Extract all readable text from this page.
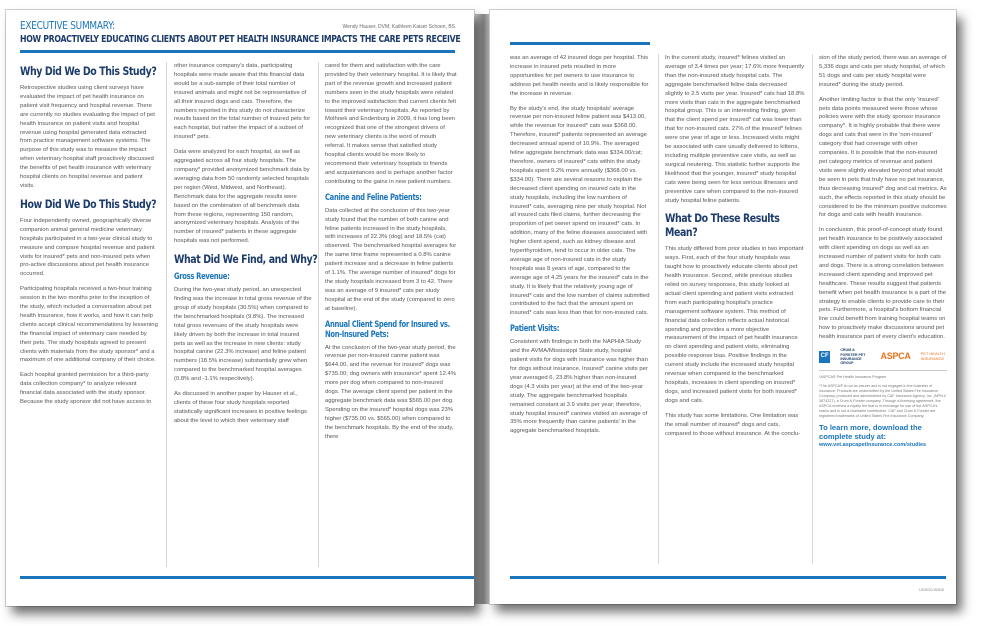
EXECUTIVE SUMMARY:	Wendy Hauser, DVM; Kathleen Kaiser Schoen, BS
HOW PROACTIVELY EDUCATING CLIENTS ABOUT PET HEALTH INSURANCE IMPACTS THE CARE PETS RECEIVE
Why Did We Do This Study?

Retrospective studies using client surveys have evaluated the impact of pet health insurance on patient visit frequency and hospital revenue. There are currently no studies evaluating the impact of pet health insurance on patient visits and hospital revenue using hospital generated data extracted from practice management software systems. The purpose of this study was to measure the impact when veterinary hospital staff proactively discussed the benefits of pet health insurance with veterinary hospital clients on hospital revenue and patient visits.

How Did We Do This Study?

Four independently owned, geographically diverse companion animal general medicine veterinary hospitals participated in a two-year clinical study to measure and compare hospital revenue and patient visits for insured* pets and non-insured pets when pro-active discussions about pet health insurance occurred.

Participating hospitals received a two-hour training session in the two months prior to the inception of the study, which included a conversation about pet health insurance, how it works, and how it can help clients accept clinical recommendations by lessening the financial impact of veterinary care needed by their pets. The study hospitals agreed to present clients with materials from the study sponsor* and a maximum of one additional company of their choice.

Each hospital granted permission for a third-party data collection company* to analyze relevant financial data associated with the study sponsor. Because the study sponsor did not have access to

other insurance company's data, participating hospitals were made aware that this financial data would be a sub-sample of their total number of insured animals and might not be representative of all their insured dogs and cats. Therefore, the numbers reported in this study do not characterize results based on the total number of insured pets for each hospital, but rather the impact of a subset of insured* pets.

Data were analyzed for each hospital, as well as aggregated across all four study hospitals. The company* provided anonymized benchmark data by averaging data from 50 randomly selected hospitals per region (West, Midwest, and Northeast). Benchmark data for the aggregate results were based on the combination of all benchmark data from these regions, representing 150 random, anonymized veterinary hospitals. Analysis of the number of insured* patients in these aggregate hospitals was not performed.

What Did We Find, and Why?
Gross Revenue:

During the two-year study period, an unexpected finding was the increase in total gross revenue of the group of study hospitals (30.5%) when compared to the benchmarked hospitals (9.8%). The increased total gross revenues of the study hospitals were likely driven by both the increase in total insured pets as well as the increase in new clients: study hospital canine (22.3% increase) and feline patient numbers (18.5% increase) substantially grew when compared to the benchmarked hospital averages (0.8% and -1.1% respectively).

As discussed in another paper by Hauser et al., clients of these four study hospitals reported statistically significant increases in positive feelings about the level to which their veterinary staff

cared for them and satisfaction with the care provided by their veterinary hospital. It is likely that part of the revenue growth and increased patient numbers seen in the study hospitals were related to the improved satisfaction that current clients felt toward their veterinary hospitals. As reported by Molhoek and Endenburg in 2009, it has long been recognized that one of the strongest drivers of new veterinary clients is the word of mouth referral. It makes sense that satisfied study hospital clients would be more likely to recommend their veterinary hospitals to friends and acquaintances and is perhaps another factor contributing to the gains in new patient numbers.

Canine and Feline Patients:

Data collected at the conclusion of this two-year study found that the number of both canine and feline patients increased in the study hospitals, with increases of 22.3% (dog) and 18.5% (cat) observed. The benchmarked hospital averages for the same time frame represented a 0.8% canine patient increase and a decrease in feline patients of 1.1%. The average number of insured* dogs for the study hospitals increased from 3 to 42. There was an average of 9 insured* cats per study hospital at the end of the study (compared to zero at baseline).

Annual Client Spend for Insured vs. Non-Insured Pets:

At the conclusion of the two-year study period, the revenue per non-insured canine patient was $644.00, and the revenue for insured* dogs was $735.00; dog owners with insurance* spent 12.4% more per dog when compared to non-insured dogs. The average client spend per patient in the aggregate benchmark data was $565.00 per dog. Spending on the insured* hospital dogs was 23% higher ($735.00 vs. $565.00) when compared to the benchmark hospitals. By the end of the study, there

was an average of 42 insured dogs per hospital. This increase in insured pets resulted in more opportunities for pet owners to use insurance to address pet health needs and is likely responsible for the increase in revenue.

By the study's end, the study hospitals' average revenue per non-insured feline patient was $413.00, while the revenue for insured* cats was $368.00. Therefore, insured* patients represented an average decreased annual spend of 10.9%. The averaged feline aggregate benchmark data was $334.00/cat; therefore, owners of insured* cats within the study hospitals spent 9.2% more annually ($368.00 vs. $334.00). There are several reasons to explain the decreased client spending on insured cats in the study hospitals, including the low numbers of insured* cats, averaging nine per study hospital. Not all insured cats filed claims, further decreasing the proportion of pet owner spend on insured* cats. In addition, many of the feline diseases associated with higher client spend, such as kidney disease and hyperthyroidism, tend to occur in older cats. The average age of non-insured cats in the study hospitals was 8 years of age, compared to the average age of 4.25 years for the insured* cats in the study. It is likely that the relatively young age of insured* cats and the low number of claims submitted contributed to the fact that the amount spent on insured* cats was less than that for non-insured cats.

Patient Visits:

Consistent with findings in both the NAPHIA Study and the AVMA/Mississippi State study, hospital patient visits for dogs with insurance was higher than for dogs without insurance. Insured* canine visits per year averaged 6, 23.8% higher than non-insured dogs (4.3 visits per year) at the end of the two-year study. The aggregate benchmarked hospitals remained constant at 3.9 visits per year; therefore, study hospital insured* canines visited an average of 35% more frequently than canine patients' in the aggregate benchmarked hospitals.

In the current study, insured* felines visited an average of 3.4 times per year; 17.6% more frequently than the non-insured study hospital cats. The aggregate benchmarked feline data decreased slightly to 2.5 visits per year. Insured* cats had 18.8% more visits than cats in the aggregate benchmarked hospital group. This is an interesting finding, given that the client spend per insured* cat was lower than that for non-insured cats. 27% of the insured* felines were one year of age or less. Increased visits might be associated with care usually delivered to kittens, including multiple preventive care visits, as well as surgical neutering. This statistic further supports the likelihood that the younger, insured* study hospital cats were being seen for less serious illnesses and preventive care when compared to the non-insured study hospital feline patients.

What Do These Results Mean?

This study differed from prior studies in two important ways. First, each of the four study hospitals was taught how to proactively educate clients about pet health insurance. Second, while previous studies relied on survey responses, this study looked at actual client spending and patient visits extracted from each participating hospital's practice management software system. This method of financial data collection reflects actual historical spending and provides a more objective measurement of the impact of pet health insurance on client spending and patient visits, eliminating possible response bias. Positive findings in the current study include the increased study hospital revenue when compared to the benchmarked hospitals, increases in client spending on insured* dogs, and increased patient visits for both insured* dogs and cats.

This study has some limitations. One limitation was the small number of insured* dogs and cats, compared to those without insurance. At the conclu-

sion of the study period, there was an average of 5,336 dogs and cats per study hospital, of which 51 dogs and cats per study hospital were insured* during the study period.

Another limiting factor is that the only 'insured' pets data points measured were those whose policies were with the study sponsor insurance company*. It is highly probable that there were dogs and cats that were in the 'non-insured' category that had coverage with other companies. It is possible that the non-insured pet category metrics of revenue and patient visits were slightly elevated beyond what would be seen in pets that truly have no pet insurance, thus decreasing insured* dog and cat metrics. As such, the effects reported in this study should be considered to be the minimum positive outcomes for dogs and cats with health insurance.

In conclusion, this proof-of-concept study found pet health insurance to be positively associated with client spending on dogs as well as an increased number of patient visits for both cats and dogs. There is a strong correlation between increased client spending and improved pet healthcare. These results suggest that patients benefit when pet health insurance is a part of the strategy to enable clients to provide care to their pets. Furthermore, a hospital's bottom financial line could benefit from training hospital teams on how to proactively make discussions around pet health insurance part of every client's education.

CF
CRUM & FORSTER PET INSURANCE GROUP
ASPCA	PET HEALTH INSURANCE
*ASPCA® Pet Health Insurance Program
*The ASPCA® is not an insurer and is not engaged in the business of insurance. Products are underwritten by the United States Fire Insurance Company, produced and administered by C&F Insurance Agency, Inc. (NPN # 3874227), a Crum & Forster company. Through a licensing agreement, the ASPCA receives a royalty fee that is in exchange for use of the ASPCA's marks and is not a charitable contribution. C&F and Crum & Forster are registered trademarks of United States Fire Insurance Company.
To learn more, download the complete study at:
www.vet.aspcapetinsurance.com/studies
USSD0.W505
